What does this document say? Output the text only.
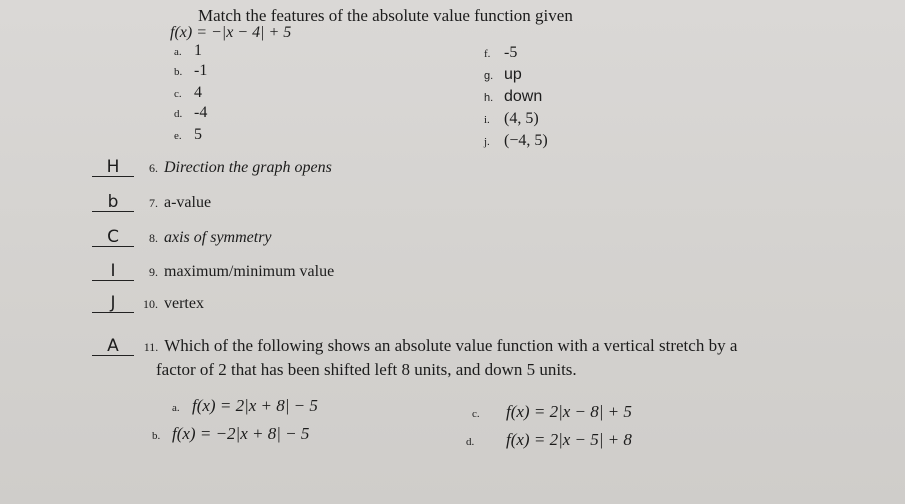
Match the features of the absolute value function given
f(x) = −|x − 4| + 5
a. 1
b. -1
c. 4
d. -4
e. 5
f. -5
g. up
h. down
i. (4, 5)
j. (−4, 5)
H 6. Direction the graph opens
b	7. a-value
C	8. axis of symmetry
I	9. maximum/minimum value
J 10. vertex
A 11. Which of the following shows an absolute value function with a vertical stretch by a
factor of 2 that has been shifted left 8 units, and down 5 units.
a. f(x) = 2|x + 8| − 5
b. f(x) = −2|x + 8| − 5
c. f(x) = 2|x − 8| + 5
d. f(x) = 2|x − 5| + 8
